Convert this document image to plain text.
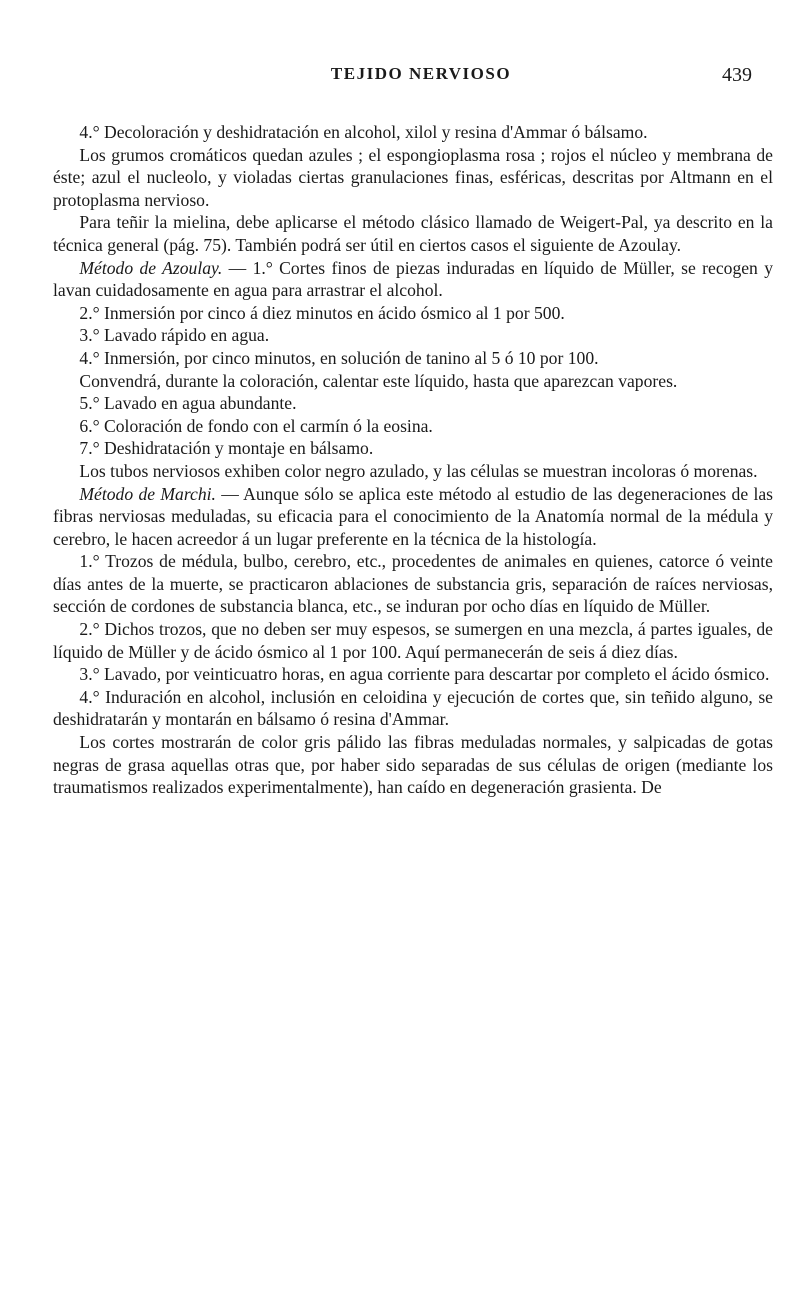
TEJIDO NERVIOSO	439

4.° Decoloración y deshidratación en alcohol, xilol y resina d'Ammar ó bálsamo.

Los grumos cromáticos quedan azules ; el espongioplasma rosa ; rojos el núcleo y membrana de éste; azul el nucleolo, y violadas ciertas granulaciones finas, esféricas, descritas por Altmann en el protoplasma nervioso.

Para teñir la mielina, debe aplicarse el método clásico llamado de Weigert-Pal, ya descrito en la técnica general (pág. 75). También podrá ser útil en ciertos casos el siguiente de Azoulay.

Método de Azoulay. — 1.° Cortes finos de piezas induradas en líquido de Müller, se recogen y lavan cuidadosamente en agua para arrastrar el alcohol.

2.° Inmersión por cinco á diez minutos en ácido ósmico al 1 por 500.

3.° Lavado rápido en agua.

4.° Inmersión, por cinco minutos, en solución de tanino al 5 ó 10 por 100.

Convendrá, durante la coloración, calentar este líquido, hasta que aparezcan vapores.

5.° Lavado en agua abundante.

6.° Coloración de fondo con el carmín ó la eosina.

7.° Deshidratación y montaje en bálsamo.

Los tubos nerviosos exhiben color negro azulado, y las células se muestran incoloras ó morenas.

Método de Marchi. — Aunque sólo se aplica este método al estudio de las degeneraciones de las fibras nerviosas meduladas, su eficacia para el conocimiento de la Anatomía normal de la médula y cerebro, le hacen acreedor á un lugar preferente en la técnica de la histología.

1.° Trozos de médula, bulbo, cerebro, etc., procedentes de animales en quienes, catorce ó veinte días antes de la muerte, se practicaron ablaciones de substancia gris, separación de raíces nerviosas, sección de cordones de substancia blanca, etc., se induran por ocho días en líquido de Müller.

2.° Dichos trozos, que no deben ser muy espesos, se sumergen en una mezcla, á partes iguales, de líquido de Müller y de ácido ósmico al 1 por 100. Aquí permanecerán de seis á diez días.

3.° Lavado, por veinticuatro horas, en agua corriente para descartar por completo el ácido ósmico.

4.° Induración en alcohol, inclusión en celoidina y ejecución de cortes que, sin teñido alguno, se deshidratarán y montarán en bálsamo ó resina d'Ammar.

Los cortes mostrarán de color gris pálido las fibras meduladas normales, y salpicadas de gotas negras de grasa aquellas otras que, por haber sido separadas de sus células de origen (mediante los traumatismos realizados experimentalmente), han caído en degeneración grasienta. De
